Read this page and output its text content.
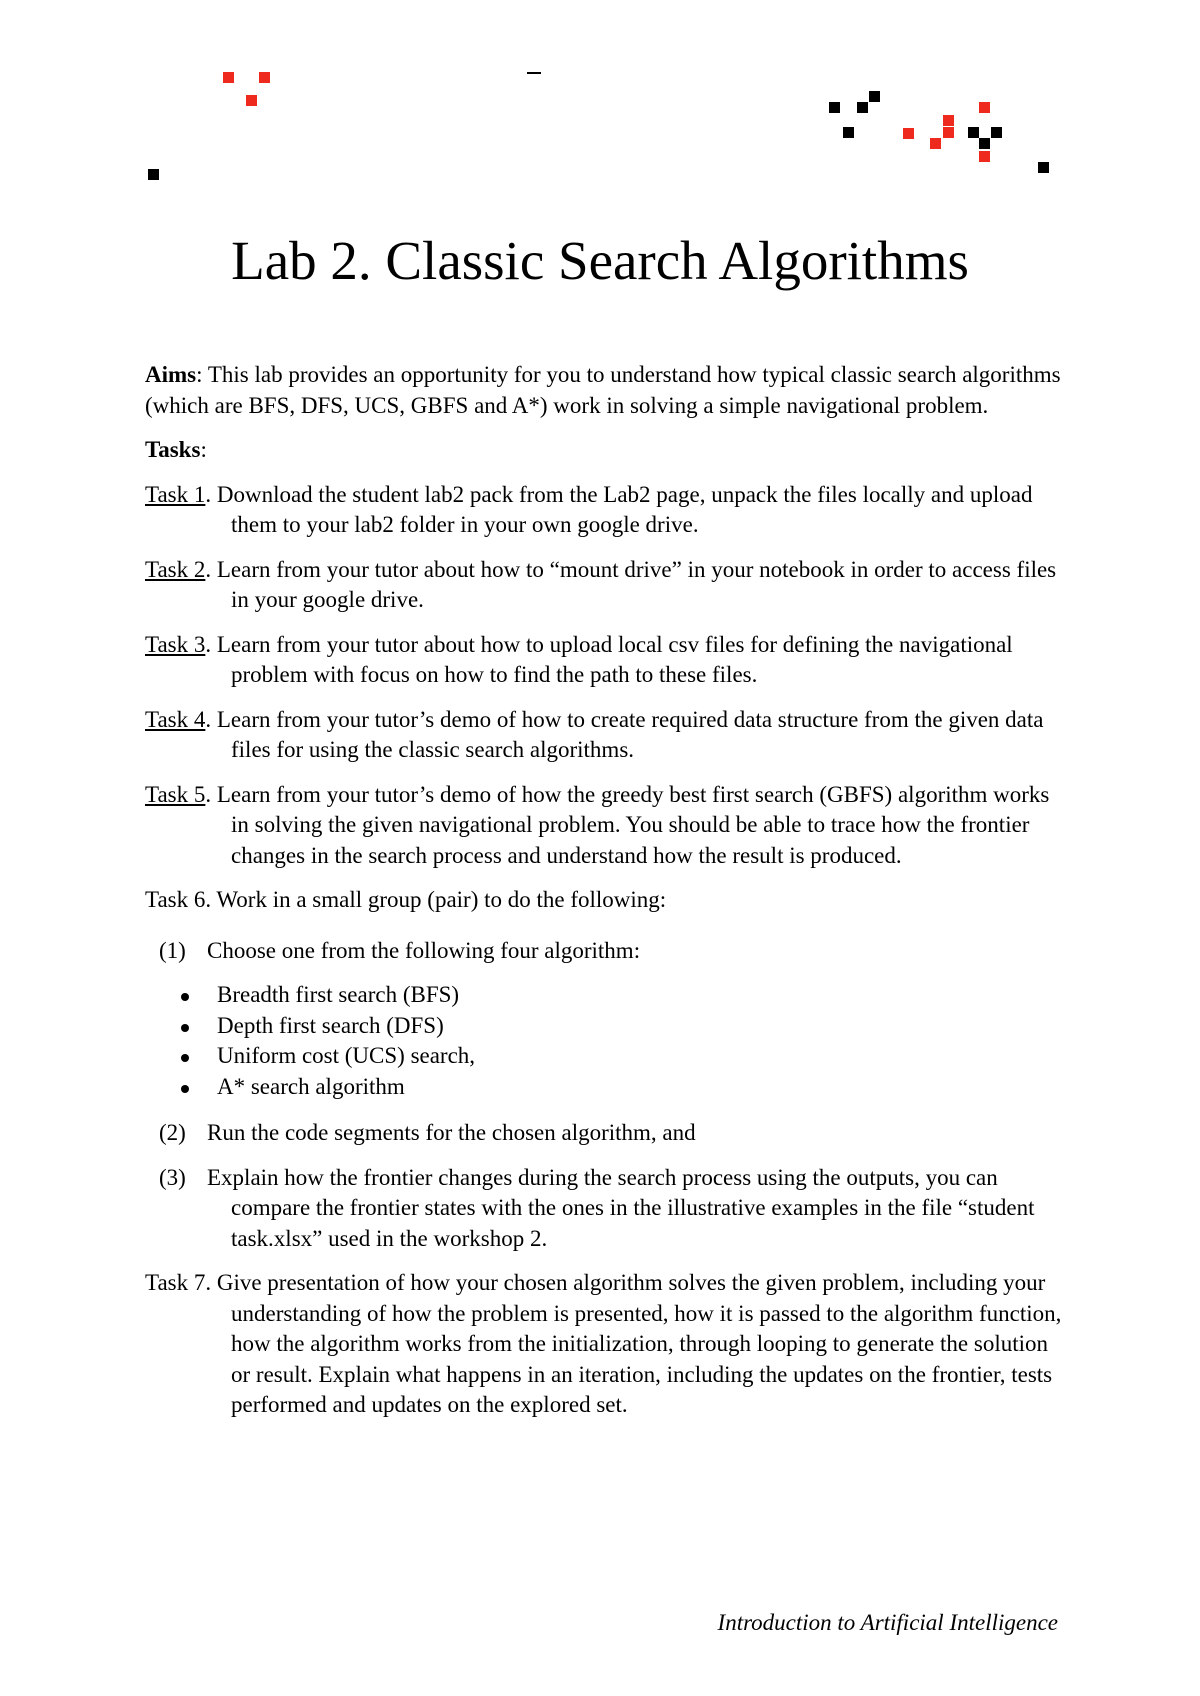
Lab 2. Classic Search Algorithms

Aims: This lab provides an opportunity for you to understand how typical classic search algorithms (which are BFS, DFS, UCS, GBFS and A*) work in solving a simple navigational problem.

Tasks:

Task 1. Download the student lab2 pack from the Lab2 page, unpack the files locally and upload them to your lab2 folder in your own google drive.

Task 2. Learn from your tutor about how to “mount drive” in your notebook in order to access files in your google drive.

Task 3. Learn from your tutor about how to upload local csv files for defining the navigational problem with focus on how to find the path to these files.

Task 4. Learn from your tutor’s demo of how to create required data structure from the given data files for using the classic search algorithms.

Task 5. Learn from your tutor’s demo of how the greedy best first search (GBFS) algorithm works in solving the given navigational problem. You should be able to trace how the frontier changes in the search process and understand how the result is produced.

Task 6. Work in a small group (pair) to do the following:

(1) Choose one from the following four algorithm:
Breadth first search (BFS)
Depth first search (DFS)
Uniform cost (UCS) search,
A* search algorithm
(2) Run the code segments for the chosen algorithm, and
(3) Explain how the frontier changes during the search process using the outputs, you can
compare the frontier states with the ones in the illustrative examples in the file “student task.xlsx” used in the workshop 2.

Task 7. Give presentation of how your chosen algorithm solves the given problem, including your understanding of how the problem is presented, how it is passed to the algorithm function, how the algorithm works from the initialization, through looping to generate the solution or result. Explain what happens in an iteration, including the updates on the frontier, tests performed and updates on the explored set.

Introduction to Artificial Intelligence
